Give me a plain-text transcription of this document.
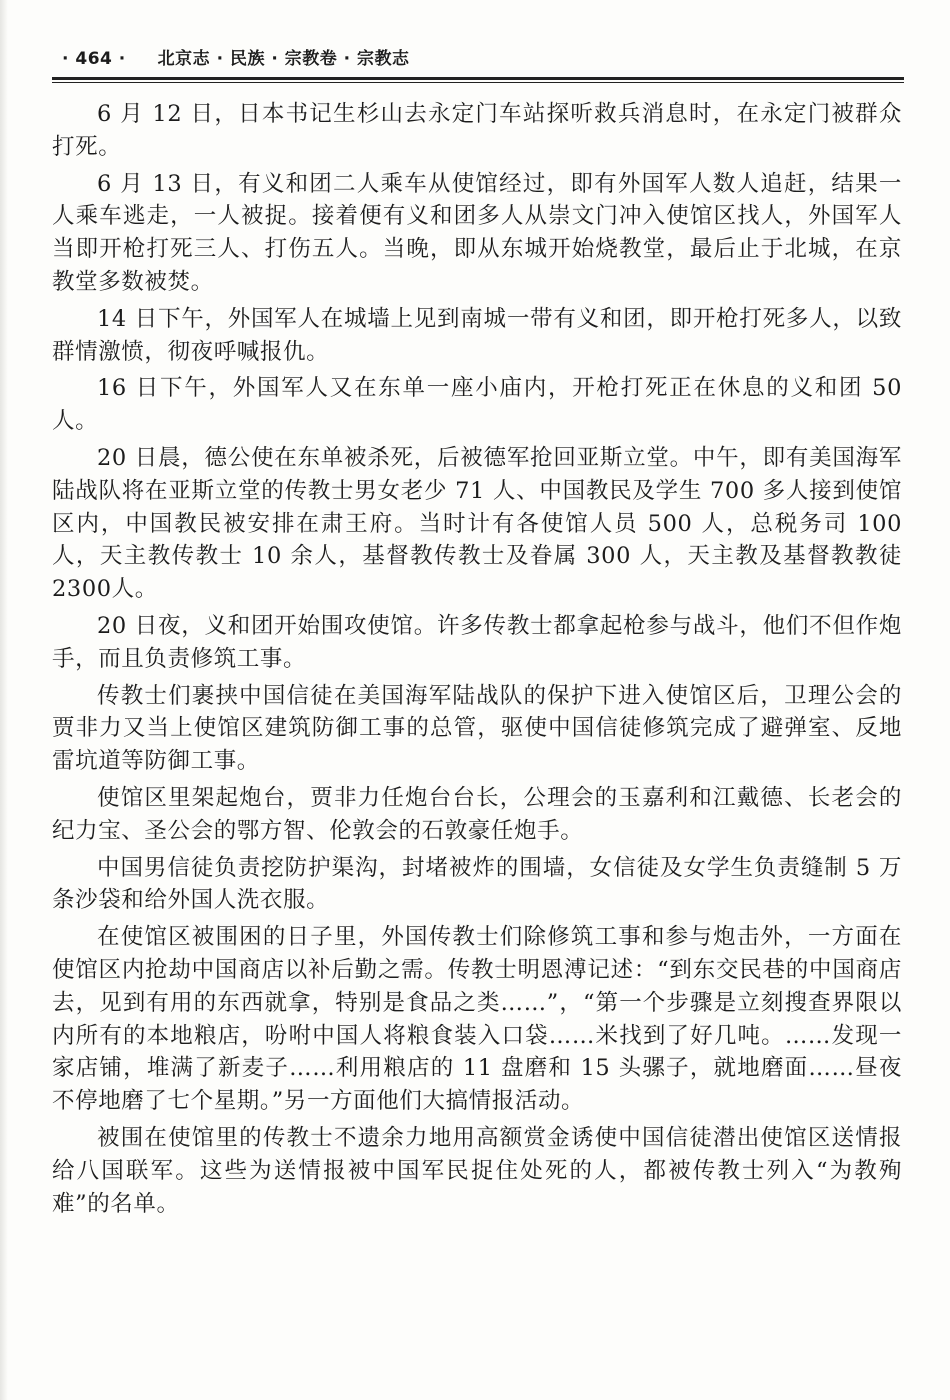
· 464 · 北京志 · 民族 · 宗教卷 · 宗教志

6 月 12 日，日本书记生杉山去永定门车站探听救兵消息时，在永定门被群众打死。

6 月 13 日，有义和团二人乘车从使馆经过，即有外国军人数人追赶，结果一人乘车逃走，一人被捉。接着便有义和团多人从崇文门冲入使馆区找人，外国军人当即开枪打死三人、打伤五人。当晚，即从东城开始烧教堂，最后止于北城，在京教堂多数被焚。

14 日下午，外国军人在城墙上见到南城一带有义和团，即开枪打死多人，以致群情激愤，彻夜呼喊报仇。

16 日下午，外国军人又在东单一座小庙内，开枪打死正在休息的义和团 50 人。

20 日晨，德公使在东单被杀死，后被德军抢回亚斯立堂。中午，即有美国海军陆战队将在亚斯立堂的传教士男女老少 71 人、中国教民及学生 700 多人接到使馆区内，中国教民被安排在肃王府。当时计有各使馆人员 500 人，总税务司 100 人，天主教传教士 10 余人，基督教传教士及眷属 300 人，天主教及基督教教徒2300人。

20 日夜，义和团开始围攻使馆。许多传教士都拿起枪参与战斗，他们不但作炮手，而且负责修筑工事。

传教士们裹挟中国信徒在美国海军陆战队的保护下进入使馆区后，卫理公会的贾非力又当上使馆区建筑防御工事的总管，驱使中国信徒修筑完成了避弹室、反地雷坑道等防御工事。

使馆区里架起炮台，贾非力任炮台台长，公理会的玉嘉利和江戴德、长老会的纪力宝、圣公会的鄂方智、伦敦会的石敦豪任炮手。

中国男信徒负责挖防护渠沟，封堵被炸的围墙，女信徒及女学生负责缝制 5 万条沙袋和给外国人洗衣服。

在使馆区被围困的日子里，外国传教士们除修筑工事和参与炮击外，一方面在使馆区内抢劫中国商店以补后勤之需。传教士明恩溥记述：“到东交民巷的中国商店去，见到有用的东西就拿，特别是食品之类……”，“第一个步骤是立刻搜查界限以内所有的本地粮店，吩咐中国人将粮食装入口袋……米找到了好几吨。……发现一家店铺，堆满了新麦子……利用粮店的 11 盘磨和 15 头骡子，就地磨面……昼夜不停地磨了七个星期。”另一方面他们大搞情报活动。

被围在使馆里的传教士不遗余力地用高额赏金诱使中国信徒潜出使馆区送情报给八国联军。这些为送情报被中国军民捉住处死的人，都被传教士列入“为教殉难”的名单。
